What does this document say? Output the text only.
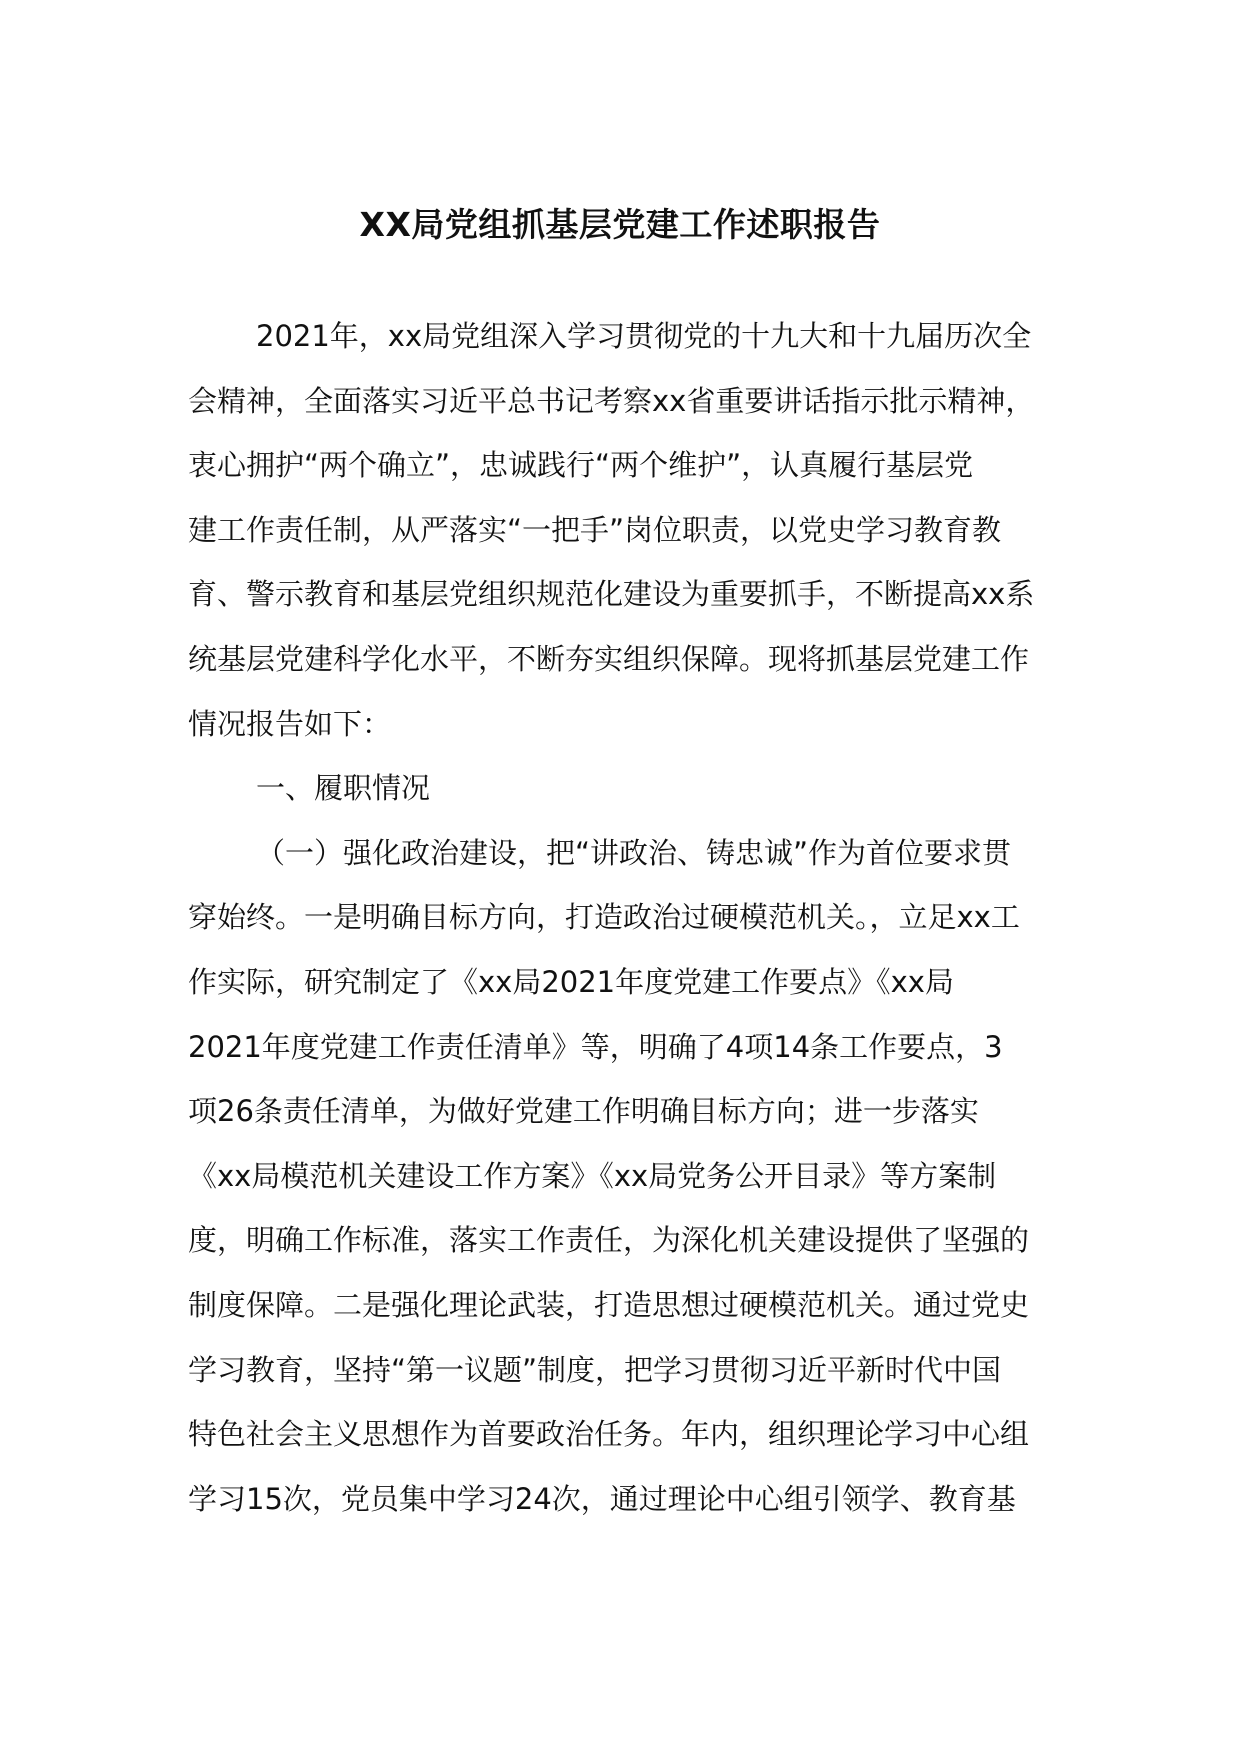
XX局党组抓基层党建工作述职报告
2021年，xx局党组深入学习贯彻党的十九大和十九届历次全
会精神，全面落实习近平总书记考察xx省重要讲话指示批示精神，
衷心拥护“两个确立”，忠诚践行“两个维护”，认真履行基层党
建工作责任制，从严落实“一把手”岗位职责，以党史学习教育教
育、警示教育和基层党组织规范化建设为重要抓手，不断提高xx系
统基层党建科学化水平，不断夯实组织保障。现将抓基层党建工作
情况报告如下：
一、履职情况
（一）强化政治建设，把“讲政治、铸忠诚”作为首位要求贯
穿始终。一是明确目标方向，打造政治过硬模范机关。，立足xx工
作实际，研究制定了《xx局2021年度党建工作要点》《xx局
2021年度党建工作责任清单》等，明确了4项14条工作要点，3
项26条责任清单，为做好党建工作明确目标方向；进一步落实
《xx局模范机关建设工作方案》《xx局党务公开目录》等方案制
度，明确工作标准，落实工作责任，为深化机关建设提供了坚强的
制度保障。二是强化理论武装，打造思想过硬模范机关。通过党史
学习教育，坚持“第一议题”制度，把学习贯彻习近平新时代中国
特色社会主义思想作为首要政治任务。年内，组织理论学习中心组
学习15次，党员集中学习24次，通过理论中心组引领学、教育基
